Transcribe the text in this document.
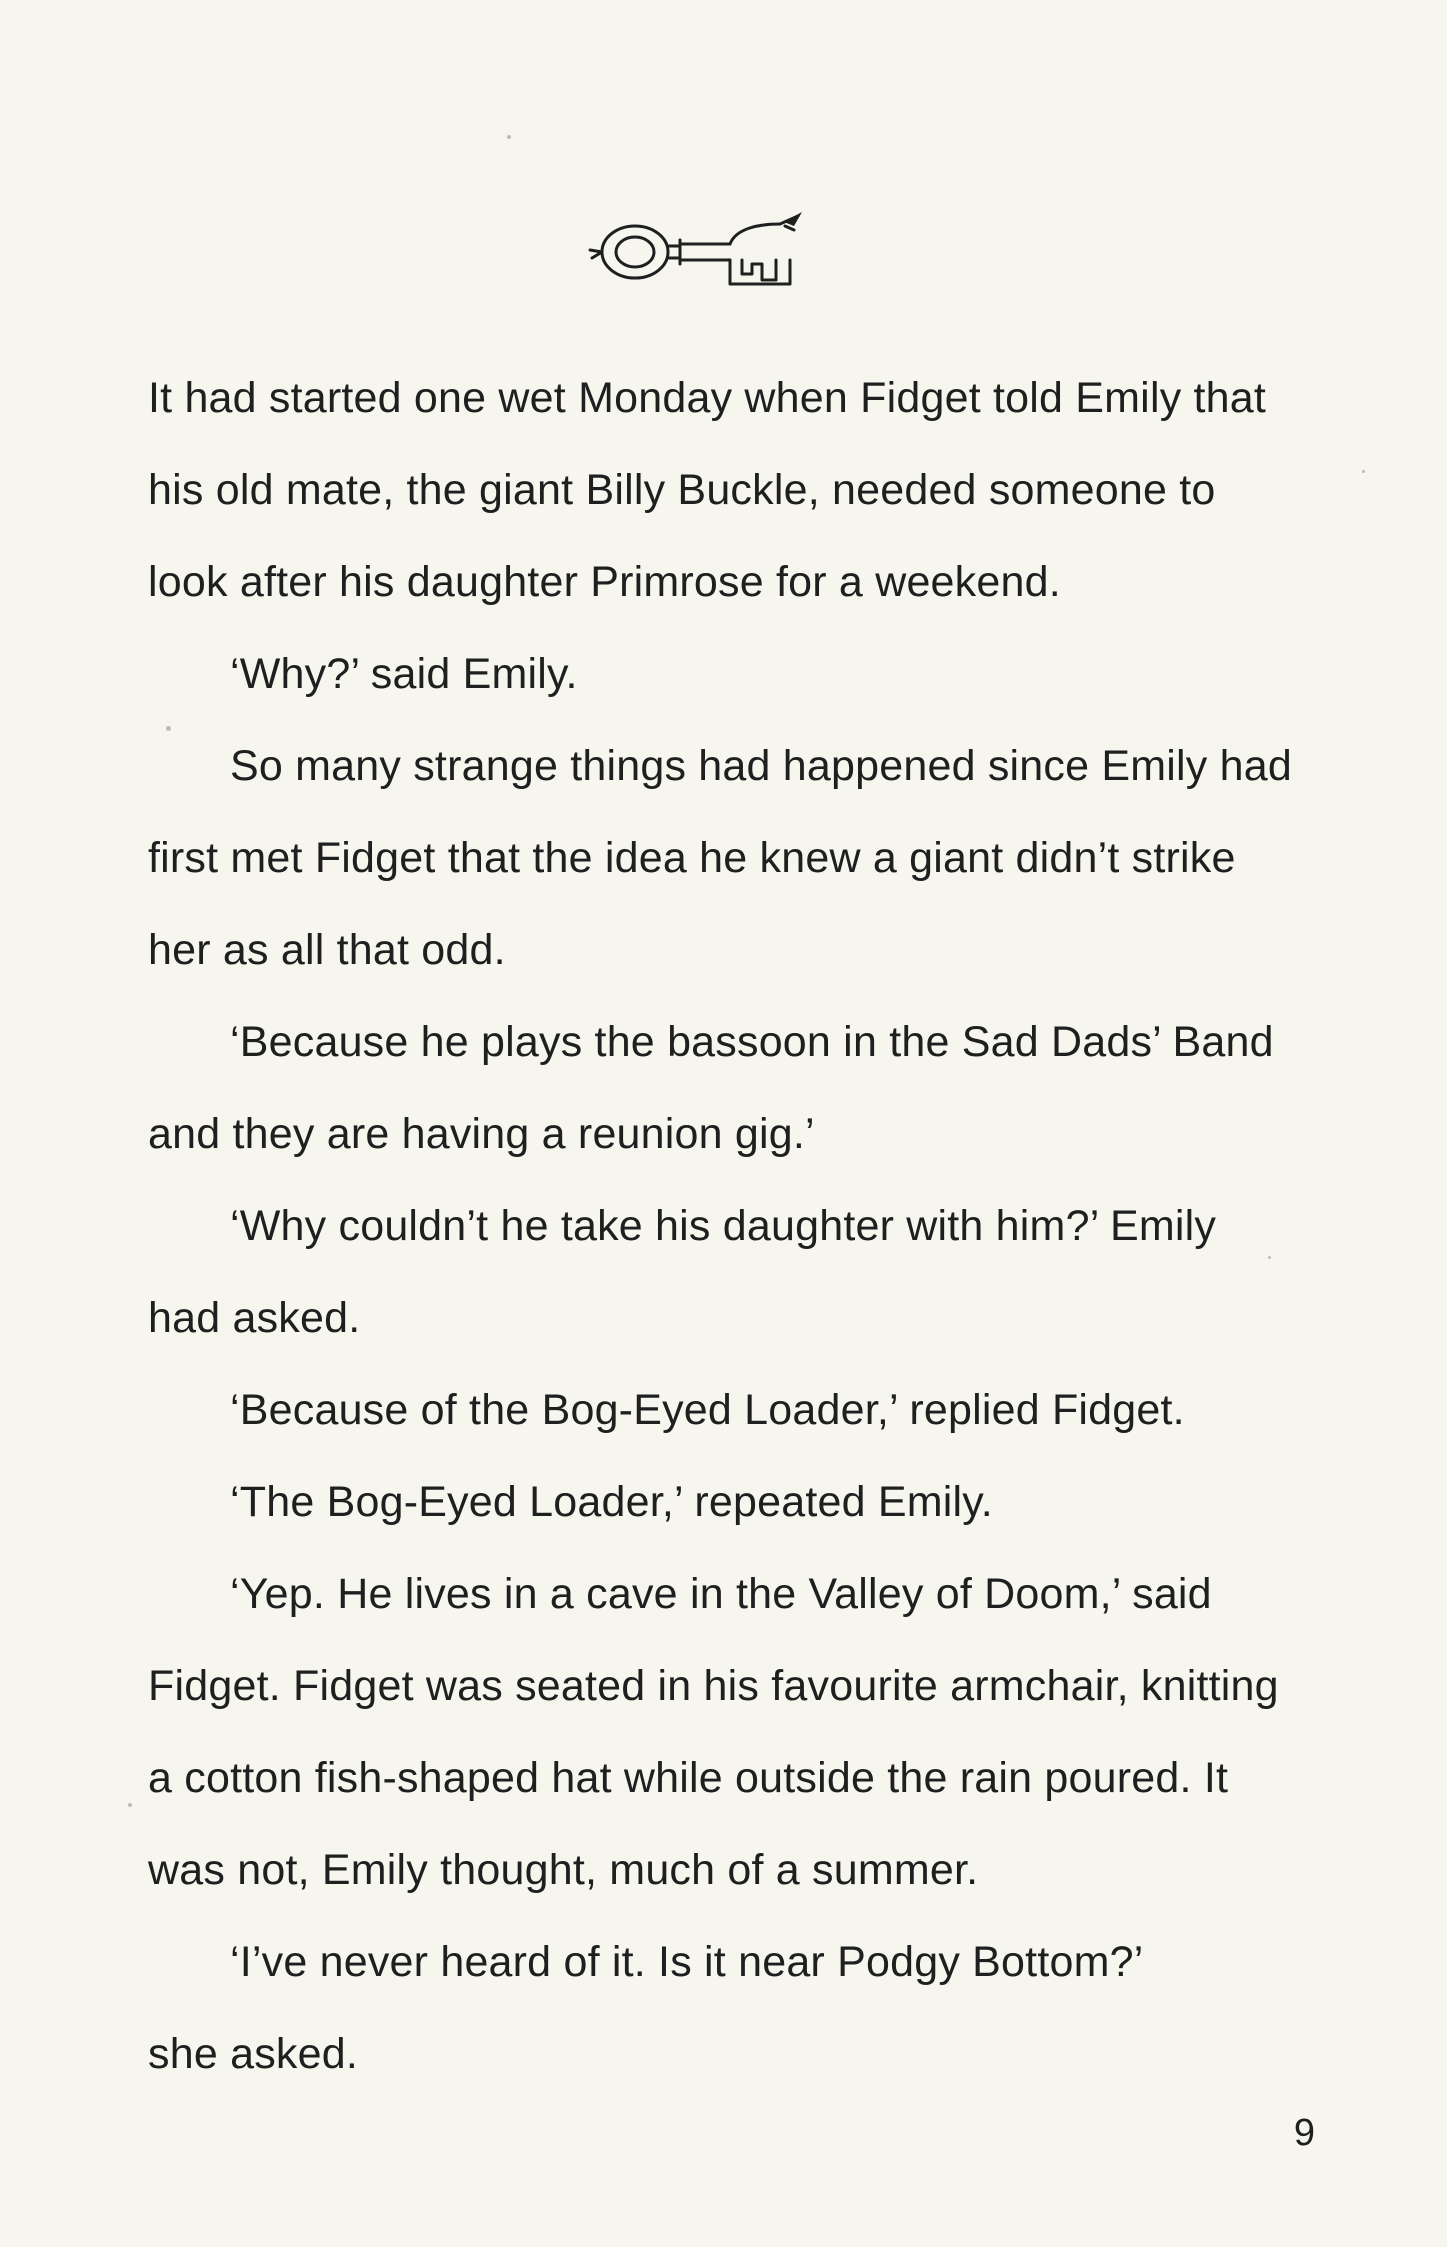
It had started one wet Monday when Fidget told Emily that

his old mate, the giant Billy Buckle, needed someone to

look after his daughter Primrose for a weekend.

‘Why?’ said Emily.

So many strange things had happened since Emily had

first met Fidget that the idea he knew a giant didn’t strike

her as all that odd.

‘Because he plays the bassoon in the Sad Dads’ Band

and they are having a reunion gig.’

‘Why couldn’t he take his daughter with him?’ Emily

had asked.

‘Because of the Bog-Eyed Loader,’ replied Fidget.

‘The Bog-Eyed Loader,’ repeated Emily.

‘Yep. He lives in a cave in the Valley of Doom,’ said

Fidget. Fidget was seated in his favourite armchair, knitting

a cotton fish-shaped hat while outside the rain poured. It

was not, Emily thought, much of a summer.

‘I’ve never heard of it. Is it near Podgy Bottom?’

she asked.

9
